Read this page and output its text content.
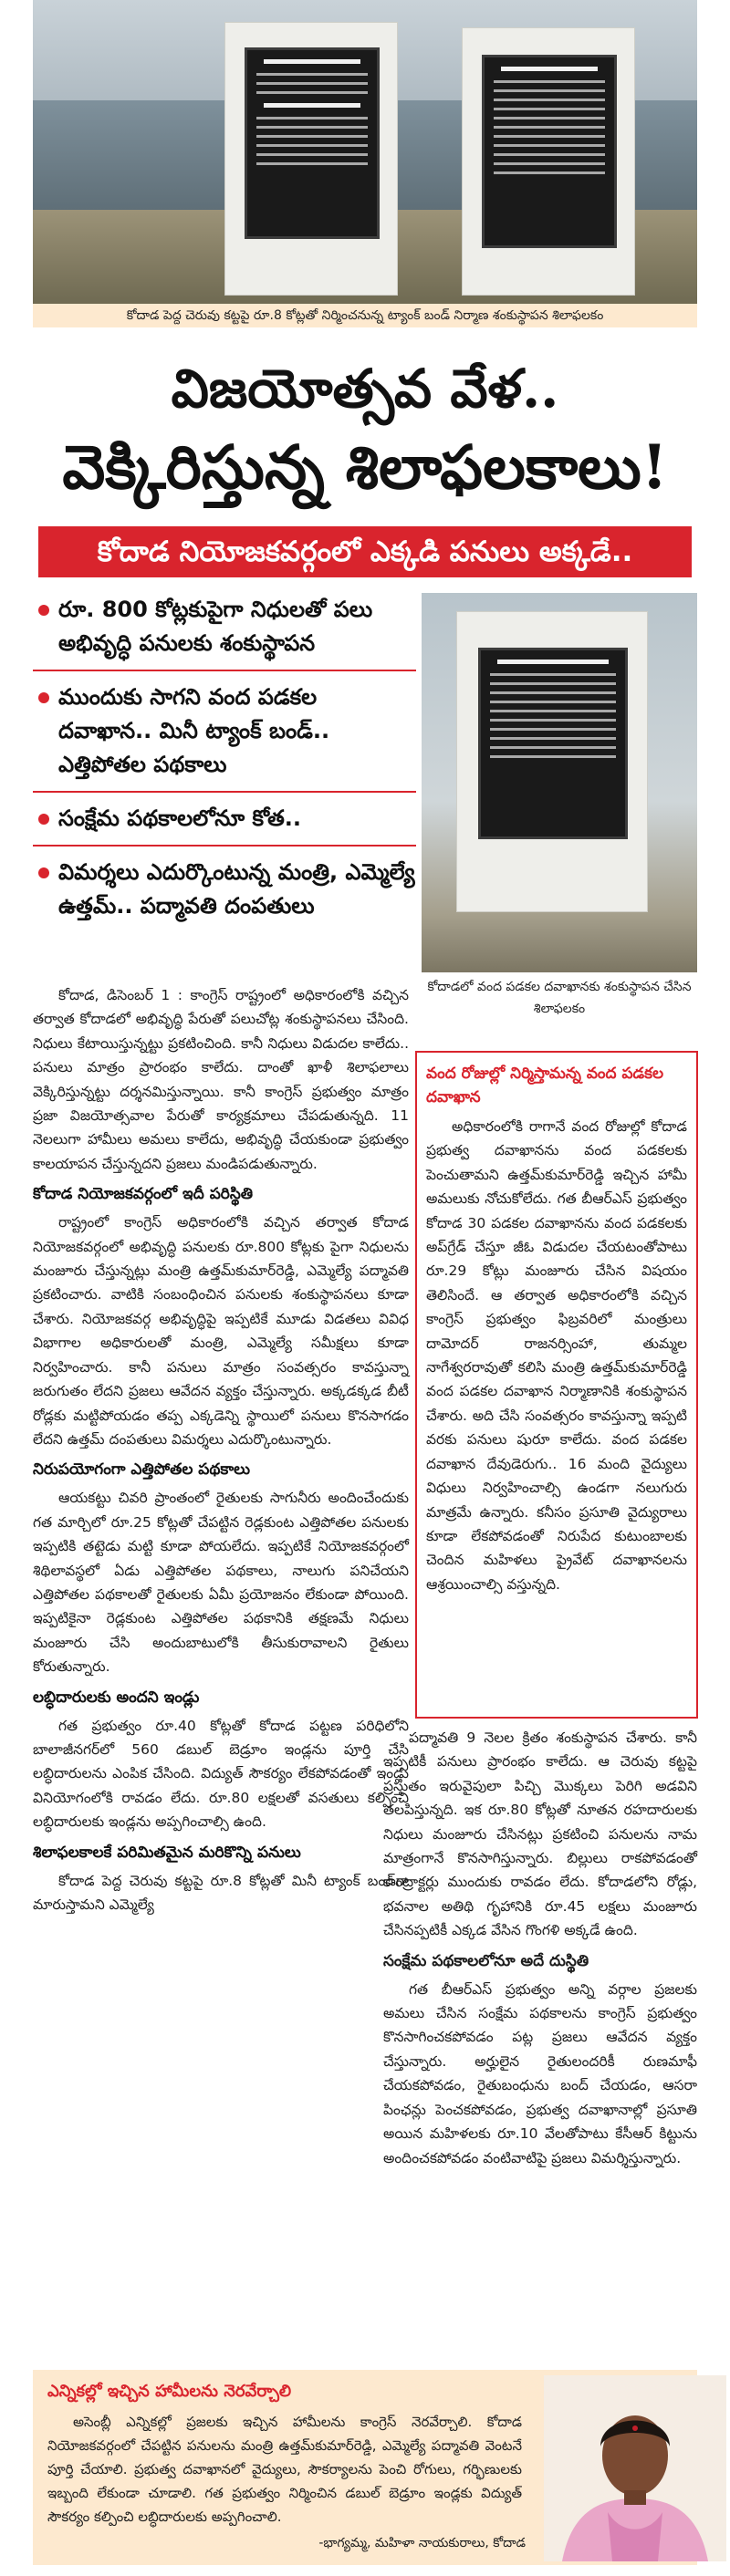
కోదాడ పెద్ద చెరువు కట్టపై రూ.8 కోట్లతో నిర్మించనున్న ట్యాంక్ బండ్ నిర్మాణ శంకుస్థాపన శిలాఫలకం
విజయోత్సవ వేళ..
వెక్కిరిస్తున్న శిలాఫలకాలు!
కోదాడ నియోజకవర్గంలో ఎక్కడి పనులు అక్కడే..
రూ. 800 కోట్లకుపైగా నిధులతో పలు అభివృద్ధి పనులకు శంకుస్థాపన
ముందుకు సాగని వంద పడకల దవాఖాన.. మినీ ట్యాంక్ బండ్.. ఎత్తిపోతల పథకాలు
సంక్షేమ పథకాలలోనూ కోత..
విమర్శలు ఎదుర్కొంటున్న మంత్రి, ఎమ్మెల్యే ఉత్తమ్.. పద్మావతి దంపతులు
కోదాడలో వంద పడకల దవాఖానకు శంకుస్థాపన చేసిన శిలాఫలకం

కోదాడ, డిసెంబర్ 1 : కాంగ్రెస్ రాష్ట్రంలో అధికారంలోకి వచ్చిన తర్వాత కోదాడలో అభివృద్ధి పేరుతో పలుచోట్ల శంకుస్థాపనలు చేసింది. నిధులు కేటాయిస్తున్నట్టు ప్రకటించింది. కానీ నిధులు విడుదల కాలేదు.. పనులు మాత్రం ప్రారంభం కాలేదు. దాంతో ఖాళీ శిలాఫలాలు వెక్కిరిస్తున్నట్టు దర్శనమిస్తున్నాయి. కానీ కాంగ్రెస్ ప్రభుత్వం మాత్రం ప్రజా విజయోత్సవాల పేరుతో కార్యక్రమాలు చేపడుతున్నది. 11 నెలలుగా హామీలు అమలు కాలేదు, అభివృద్ధి చేయకుండా ప్రభుత్వం కాలయాపన చేస్తున్నదని ప్రజలు మండిపడుతున్నారు.

కోదాడ నియోజకవర్గంలో ఇదీ పరిస్థితి

రాష్ట్రంలో కాంగ్రెస్ అధికారంలోకి వచ్చిన తర్వాత కోదాడ నియోజకవర్గంలో అభివృద్ధి పనులకు రూ.800 కోట్లకు పైగా నిధులను మంజూరు చేస్తున్నట్లు మంత్రి ఉత్తమ్‌కుమార్‌రెడ్డి, ఎమ్మెల్యే పద్మావతి ప్రకటించారు. వాటికి సంబంధించిన పనులకు శంకుస్థాపనలు కూడా చేశారు. నియోజకవర్గ అభివృద్ధిపై ఇప్పటికే మూడు విడతలు వివిధ విభాగాల అధికారులతో మంత్రి, ఎమ్మెల్యే సమీక్షలు కూడా నిర్వహించారు. కానీ పనులు మాత్రం సంవత్సరం కావస్తున్నా జరుగుతం లేదని ప్రజలు ఆవేదన వ్యక్తం చేస్తున్నారు. అక్కడక్కడ బీటీ రోడ్లకు మట్టిపోయడం తప్ప ఎక్కడెన్ని స్థాయిలో పనులు కొనసాగడం లేదని ఉత్తమ్ దంపతులు విమర్శలు ఎదుర్కొంటున్నారు.

నిరుపయోగంగా ఎత్తిపోతల పథకాలు

ఆయకట్టు చివరి ప్రాంతంలో రైతులకు సాగునీరు అందించేందుకు గత మార్చిలో రూ.25 కోట్లతో చేపట్టిన రెడ్లకుంట ఎత్తిపోతల పనులకు ఇప్పటికి తట్టెడు మట్టి కూడా పోయలేదు. ఇప్పటికే నియోజకవర్గంలో శిథిలావస్థలో ఏడు ఎత్తిపోతల పథకాలు, నాలుగు పనిచేయని ఎత్తిపోతల పథకాలతో రైతులకు ఏమీ ప్రయోజనం లేకుండా పోయింది. ఇప్పటికైనా రెడ్లకుంట ఎత్తిపోతల పథకానికి తక్షణమే నిధులు మంజూరు చేసి అందుబాటులోకి తీసుకురావాలని రైతులు కోరుతున్నారు.

లబ్ధిదారులకు అందని ఇండ్లు

గత ప్రభుత్వం రూ.40 కోట్లతో కోదాడ పట్టణ పరిధిలోని బాలాజీనగర్‌లో 560 డబుల్ బెడ్రూం ఇండ్లను పూర్తి చేసి లబ్ధిదారులను ఎంపిక చేసింది. విద్యుత్ సౌకర్యం లేకపోవడంతో ఇండ్లు వినియోగంలోకి రావడం లేదు. రూ.80 లక్షలతో వసతులు కల్పించి లబ్ధిదారులకు ఇండ్లను అప్పగించాల్సి ఉంది.

శిలాఫలకాలకే పరిమితమైన మరికొన్ని పనులు

కోదాడ పెద్ద చెరువు కట్టపై రూ.8 కోట్లతో మినీ ట్యాంక్ బండ్‌గా మారుస్తామని ఎమ్మెల్యే

వంద రోజుల్లో నిర్మిస్తామన్న వంద పడకల దవాఖాన

అధికారంలోకి రాగానే వంద రోజుల్లో కోదాడ ప్రభుత్వ దవాఖానను వంద పడకలకు పెంచుతామని ఉత్తమ్‌కుమార్‌రెడ్డి ఇచ్చిన హామీ అమలుకు నోచుకోలేదు. గత బీఆర్‌ఎస్ ప్రభుత్వం కోదాడ 30 పడకల దవాఖానను వంద పడకలకు అప్‌గ్రేడ్ చేస్తూ జీఓ విడుదల చేయటంతోపాటు రూ.29 కోట్లు మంజూరు చేసిన విషయం తెలిసిందే. ఆ తర్వాత అధికారంలోకి వచ్చిన కాంగ్రెస్ ప్రభుత్వం ఫిబ్రవరిలో మంత్రులు దామోదర్ రాజనర్సింహా, తుమ్మల నాగేశ్వరరావుతో కలిసి మంత్రి ఉత్తమ్‌కుమార్‌రెడ్డి వంద పడకల దవాఖాన నిర్మాణానికి శంకుస్థాపన చేశారు. అది చేసి సంవత్సరం కావస్తున్నా ఇప్పటి వరకు పనులు షురూ కాలేదు. వంద పడకల దవాఖాన దేవుడెరుగు.. 16 మంది వైద్యులు విధులు నిర్వహించాల్సి ఉండగా నలుగురు మాత్రమే ఉన్నారు. కనీసం ప్రసూతి వైద్యురాలు కూడా లేకపోవడంతో నిరుపేద కుటుంబాలకు చెందిన మహిళలు ప్రైవేట్ దవాఖానలను ఆశ్రయించాల్సి వస్తున్నది.

పద్మావతి 9 నెలల క్రితం శంకుస్థాపన చేశారు. కానీ ఇప్పటికీ పనులు ప్రారంభం కాలేదు. ఆ చెరువు కట్టపై ప్రస్తుతం ఇరువైపులా పిచ్చి మొక్కలు పెరిగి అడవిని తలపిస్తున్నది. ఇక రూ.80 కోట్లతో నూతన రహదారులకు నిధులు మంజూరు చేసినట్లు ప్రకటించి పనులను నామ మాత్రంగానే కొనసాగిస్తున్నారు. బిల్లులు రాకపోవడంతో కాంట్రాక్టర్లు ముందుకు రావడం లేదు. కోదాడలోని రోడ్లు, భవనాల అతిథి గృహానికి రూ.45 లక్షలు మంజూరు చేసినప్పటికీ ఎక్కడ వేసిన గొంగళి అక్కడే ఉంది.

సంక్షేమ పథకాలలోనూ అదే దుస్థితి

గత బీఆర్‌ఎస్ ప్రభుత్వం అన్ని వర్గాల ప్రజలకు అమలు చేసిన సంక్షేమ పథకాలను కాంగ్రెస్ ప్రభుత్వం కొనసాగించకపోవడం పట్ల ప్రజలు ఆవేదన వ్యక్తం చేస్తున్నారు. అర్హులైన రైతులందరికీ రుణమాఫీ చేయకపోవడం, రైతుబంధును బంద్ చేయడం, ఆసరా పింఛన్లు పెంచకపోవడం, ప్రభుత్వ దవాఖానాల్లో ప్రసూతి అయిన మహిళలకు రూ.10 వేలతోపాటు కేసీఆర్ కిట్టును అందించకపోవడం వంటివాటిపై ప్రజలు విమర్శిస్తున్నారు.

ఎన్నికల్లో ఇచ్చిన హామీలను నెరవేర్చాలి

అసెంబ్లీ ఎన్నికల్లో ప్రజలకు ఇచ్చిన హామీలను కాంగ్రెస్ నెరవేర్చాలి. కోదాడ నియోజకవర్గంలో చేపట్టిన పనులను మంత్రి ఉత్తమ్‌కుమార్‌రెడ్డి, ఎమ్మెల్యే పద్మావతి వెంటనే పూర్తి చేయాలి. ప్రభుత్వ దవాఖానలో వైద్యులు, సౌకర్యాలను పెంచి రోగులు, గర్భిణులకు ఇబ్బంది లేకుండా చూడాలి. గత ప్రభుత్వం నిర్మించిన డబుల్ బెడ్రూం ఇండ్లకు విద్యుత్ సౌకర్యం కల్పించి లబ్ధిదారులకు అప్పగించాలి.

-భాగ్యమ్మ, మహిళా నాయకురాలు, కోదాడ
